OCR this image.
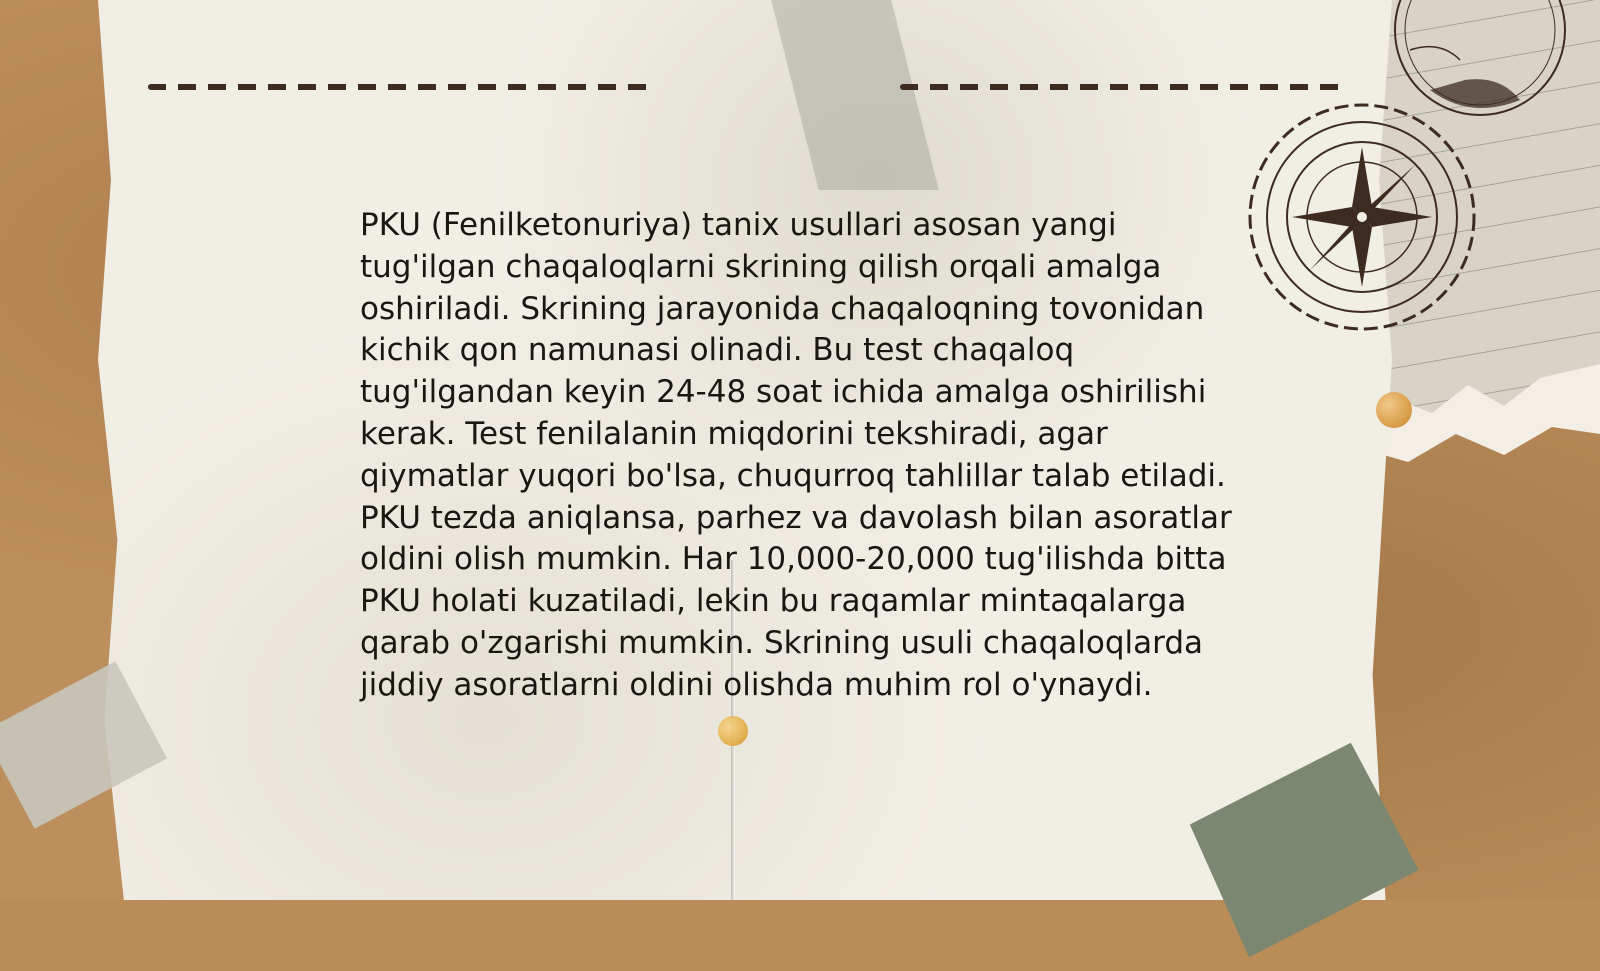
PKU (Fenilketonuriya) tanix usullari asosan yangi tug'ilgan chaqaloqlarni skrining qilish orqali amalga oshiriladi. Skrining jarayonida chaqaloqning tovonidan kichik qon namunasi olinadi. Bu test chaqaloq tug'ilgandan keyin 24-48 soat ichida amalga oshirilishi kerak. Test fenilalanin miqdorini tekshiradi, agar qiymatlar yuqori bo'lsa, chuqurroq tahlillar talab etiladi. PKU tezda aniqlansa, parhez va davolash bilan asoratlar oldini olish mumkin. Har 10,000-20,000 tug'ilishda bitta PKU holati kuzatiladi, lekin bu raqamlar mintaqalarga qarab o'zgarishi mumkin. Skrining usuli chaqaloqlarda jiddiy asoratlarni oldini olishda muhim rol o'ynaydi.
